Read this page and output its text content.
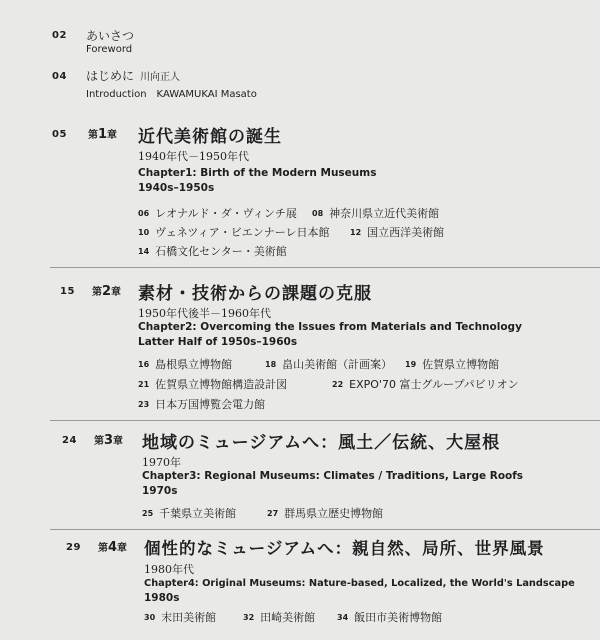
02 あいさつ
Foreword
04 はじめに 川向正人
Introduction　KAWAMUKAI Masato
05 第1章 近代美術館の誕生
1940年代－1950年代
Chapter1: Birth of the Modern Museums
1940s–1950s
06 レオナルド・ダ・ヴィンチ展 08 神奈川県立近代美術館
10 ヴェネツィア・ビエンナーレ日本館	12 国立西洋美術館
14 石橋文化センター・美術館
15 第2章 素材・技術からの課題の克服
1950年代後半－1960年代
Chapter2: Overcoming the Issues from Materials and Technology
Latter Half of 1950s–1960s
16 島根県立博物館	18 畠山美術館（計画案） 19 佐賀県立博物館
21 佐賀県立博物館構造設計図	22 EXPO'70 富士グループパビリオン
23 日本万国博覧会電力館
24 第3章 地域のミュージアムへ：風土／伝統、大屋根
1970年
Chapter3: Regional Museums: Climates / Traditions, Large Roofs
1970s
25 千葉県立美術館	27 群馬県立歴史博物館
29 第4章 個性的なミュージアムへ：親自然、局所、世界風景
1980年代
Chapter4: Original Museums: Nature-based, Localized, the World's Landscape
1980s
30 末田美術館	32 田崎美術館	34 飯田市美術博物館
